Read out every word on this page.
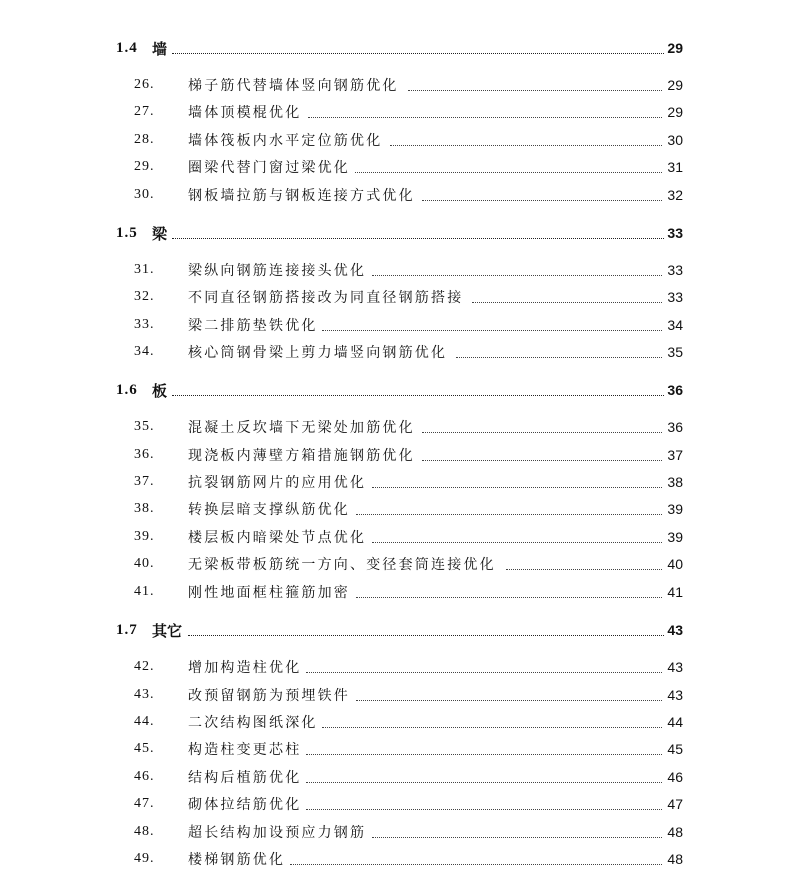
1.4 墙	29
26. 梯子筋代替墙体竖向钢筋优化	29
27. 墙体顶模棍优化	29
28. 墙体筏板内水平定位筋优化	30
29. 圈梁代替门窗过梁优化	31
30. 钢板墙拉筋与钢板连接方式优化	32
1.5 梁	33
31. 梁纵向钢筋连接接头优化	33
32. 不同直径钢筋搭接改为同直径钢筋搭接	33
33. 梁二排筋垫铁优化	34
34. 核心筒钢骨梁上剪力墙竖向钢筋优化	35
1.6 板	36
35. 混凝土反坎墙下无梁处加筋优化	36
36. 现浇板内薄壁方箱措施钢筋优化	37
37. 抗裂钢筋网片的应用优化	38
38. 转换层暗支撑纵筋优化	39
39. 楼层板内暗梁处节点优化	39
40. 无梁板带板筋统一方向、变径套筒连接优化	40
41. 刚性地面框柱箍筋加密	41
1.7 其它	43
42. 增加构造柱优化	43
43. 改预留钢筋为预埋铁件	43
44. 二次结构图纸深化	44
45. 构造柱变更芯柱	45
46. 结构后植筋优化	46
47. 砌体拉结筋优化	47
48. 超长结构加设预应力钢筋	48
49. 楼梯钢筋优化	48
